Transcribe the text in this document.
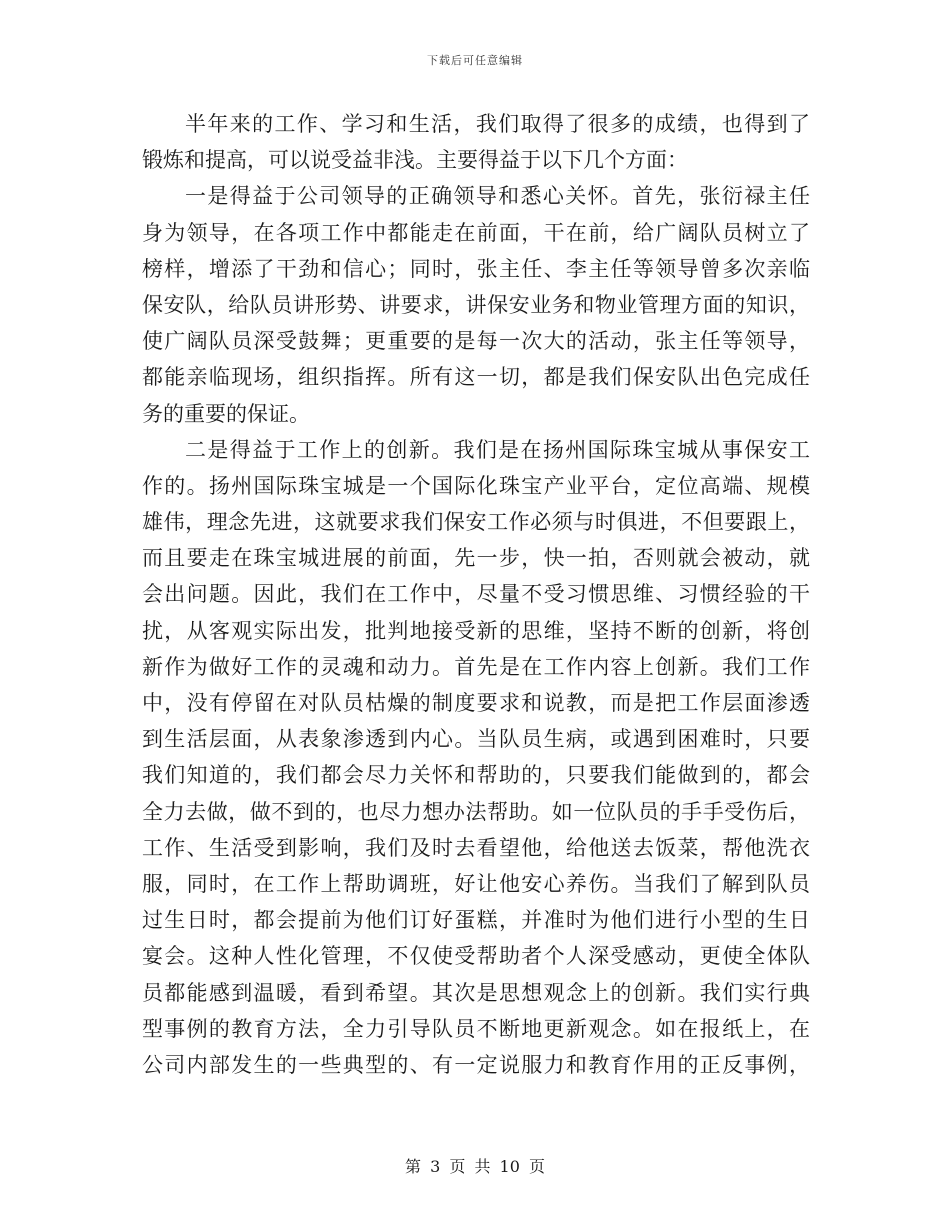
下载后可任意编辑
半年来的工作、学习和生活，我们取得了很多的成绩，也得到了
锻炼和提高，可以说受益非浅。主要得益于以下几个方面：
一是得益于公司领导的正确领导和悉心关怀。首先，张衍禄主任
身为领导，在各项工作中都能走在前面，干在前，给广阔队员树立了
榜样，增添了干劲和信心；同时，张主任、李主任等领导曾多次亲临
保安队，给队员讲形势、讲要求，讲保安业务和物业管理方面的知识，
使广阔队员深受鼓舞；更重要的是每一次大的活动，张主任等领导，
都能亲临现场，组织指挥。所有这一切，都是我们保安队出色完成任
务的重要的保证。
二是得益于工作上的创新。我们是在扬州国际珠宝城从事保安工
作的。扬州国际珠宝城是一个国际化珠宝产业平台，定位高端、规模
雄伟，理念先进，这就要求我们保安工作必须与时俱进，不但要跟上，
而且要走在珠宝城进展的前面，先一步，快一拍，否则就会被动，就
会出问题。因此，我们在工作中，尽量不受习惯思维、习惯经验的干
扰，从客观实际出发，批判地接受新的思维，坚持不断的创新，将创
新作为做好工作的灵魂和动力。首先是在工作内容上创新。我们工作
中，没有停留在对队员枯燥的制度要求和说教，而是把工作层面渗透
到生活层面，从表象渗透到内心。当队员生病，或遇到困难时，只要
我们知道的，我们都会尽力关怀和帮助的，只要我们能做到的，都会
全力去做，做不到的，也尽力想办法帮助。如一位队员的手手受伤后，
工作、生活受到影响，我们及时去看望他，给他送去饭菜，帮他洗衣
服，同时，在工作上帮助调班，好让他安心养伤。当我们了解到队员
过生日时，都会提前为他们订好蛋糕，并准时为他们进行小型的生日
宴会。这种人性化管理，不仅使受帮助者个人深受感动，更使全体队
员都能感到温暖，看到希望。其次是思想观念上的创新。我们实行典
型事例的教育方法，全力引导队员不断地更新观念。如在报纸上，在
公司内部发生的一些典型的、有一定说服力和教育作用的正反事例，
第 3 页 共 10 页
